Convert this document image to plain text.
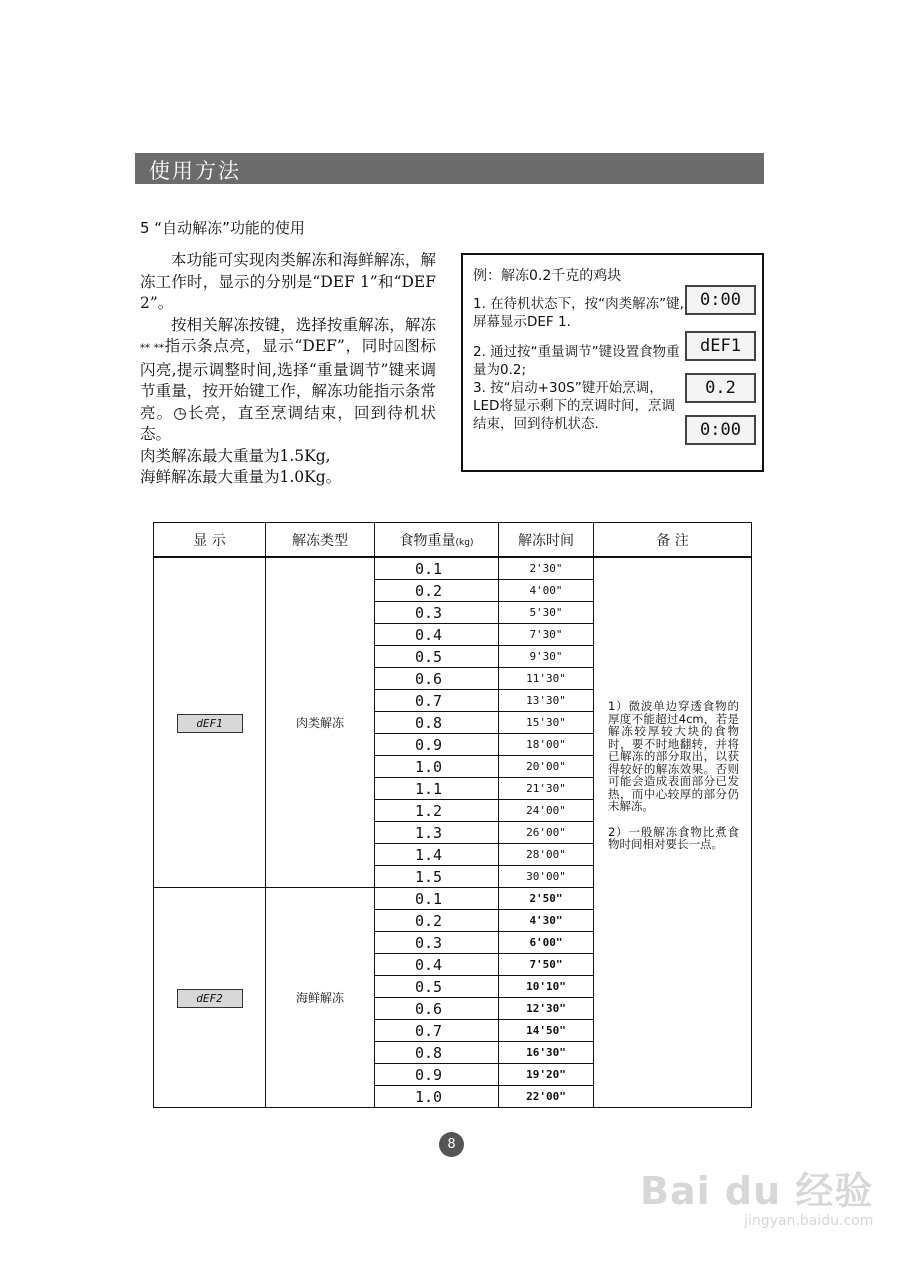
使用方法
5 “自动解冻”功能的使用

本功能可实现肉类解冻和海鲜解冻，解冻工作时，显示的分别是“DEF 1”和“DEF 2”。

按相关解冻按键，选择按重解冻，解冻** **指示条点亮，显示“DEF”，同时⍓图标闪亮,提示调整时间,选择“重量调节”键来调节重量，按开始键工作，解冻功能指示条常亮。◷长亮，直至烹调结束，回到待机状态。

肉类解冻最大重量为1.5Kg,

海鲜解冻最大重量为1.0Kg。

例：解冻0.2千克的鸡块
1. 在待机状态下，按“肉类解冻”键,屏幕显示DEF 1.
2. 通过按“重量调节”键设置食物重量为0.2;
3. 按“启动+30S”键开始烹调，LED将显示剩下的烹调时间，烹调结束，回到待机状态.
0:00
dEF1
0.2
0:00
显 示	解冻类型	食物重量(kg)	解冻时间	备 注
dEF1	肉类解冻	0.1	2'30"	1）微波单边穿透食物的厚度不能超过4cm，若是解冻较厚较大块的食物时，要不时地翻转，并将已解冻的部分取出，以获得较好的解冻效果。否则可能会造成表面部分已发热，而中心较厚的部分仍未解冻。

2）一般解冻食物比煮食物时间相对要长一点。

		0.2	4'00"	
		0.3	5'30"	
		0.4	7'30"	
		0.5	9'30"	
		0.6	11'30"	
		0.7	13'30"	
		0.8	15'30"	
		0.9	18'00"	
		1.0	20'00"	
		1.1	21'30"	
		1.2	24'00"	
		1.3	26'00"	
		1.4	28'00"	
		1.5	30'00"	
dEF2	海鲜解冻	0.1	2'50"	
		0.2	4'30"	
		0.3	6'00"	
		0.4	7'50"	
		0.5	10'10"	
		0.6	12'30"	
		0.7	14'50"	
		0.8	16'30"	
		0.9	19'20"	
		1.0	22'00"	
8
Bai du 经验
jingyan.baidu.com
